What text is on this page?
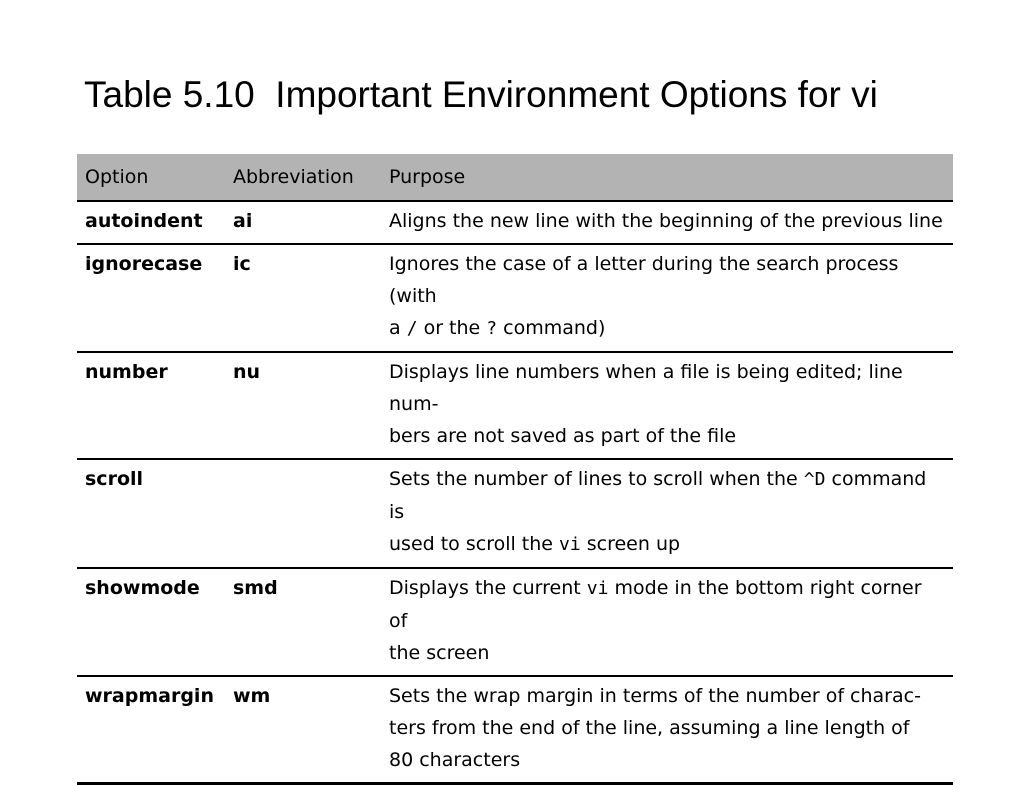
Table 5.10  Important Environment Options for vi
Option	Abbreviation	Purpose
autoindent	ai	Aligns the new line with the beginning of the previous line
ignorecase	ic	Ignores the case of a letter during the search process (with
a / or the ? command)
number	nu	Displays line numbers when a file is being edited; line num-
bers are not saved as part of the file
scroll		Sets the number of lines to scroll when the ^D command is
used to scroll the vi screen up
showmode	smd	Displays the current vi mode in the bottom right corner of
the screen
wrapmargin	wm	Sets the wrap margin in terms of the number of charac-
ters from the end of the line, assuming a line length of
80 characters
